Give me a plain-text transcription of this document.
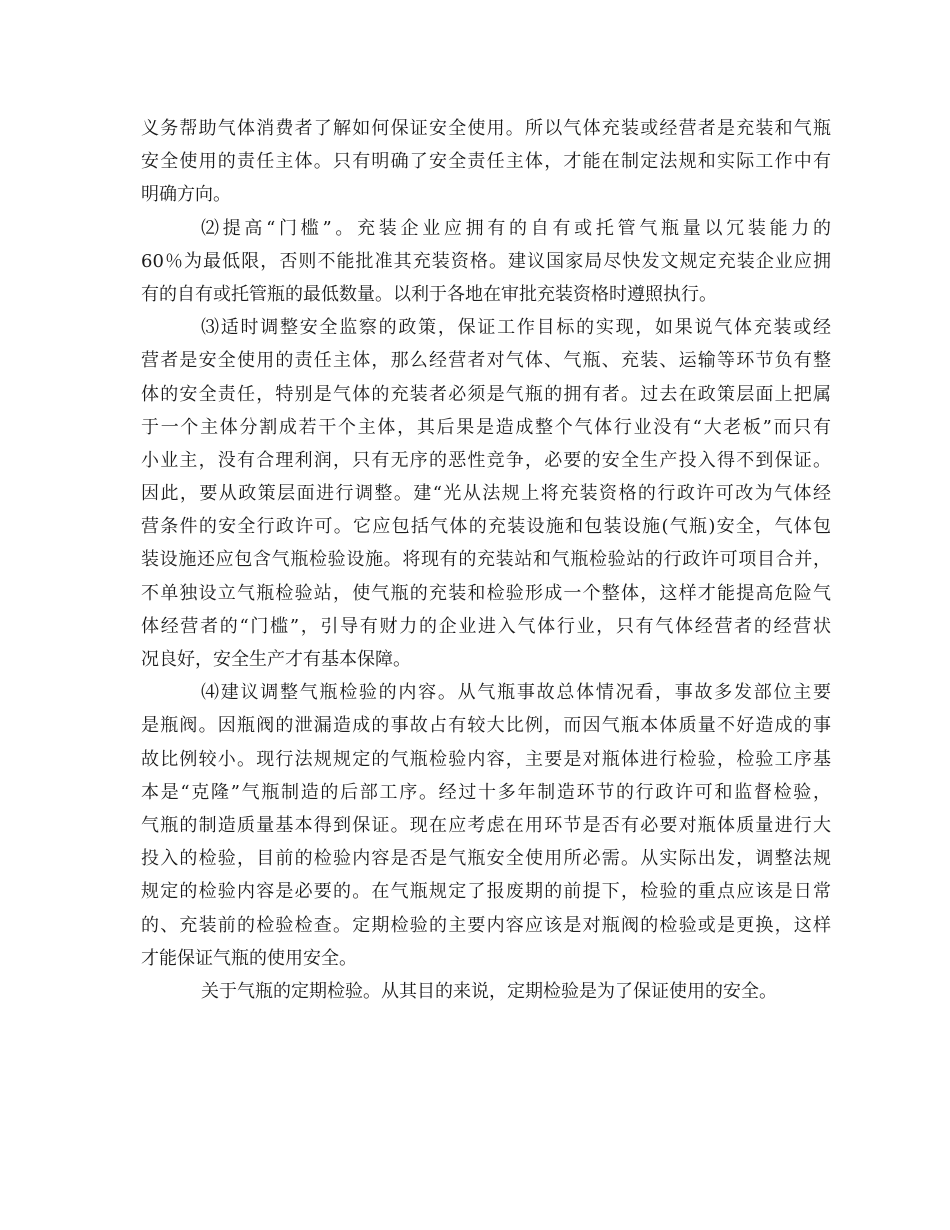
义务帮助气体消费者了解如何保证安全使用。所以气体充装或经营者是充装和气瓶
安全使用的责任主体。只有明确了安全责任主体，才能在制定法规和实际工作中有
明确方向。
⑵提高“门槛”。充装企业应拥有的自有或托管气瓶量以冗装能力的
60％为最低限，否则不能批准其充装资格。建议国家局尽快发文规定充装企业应拥
有的自有或托管瓶的最低数量。以利于各地在审批充装资格时遵照执行。
⑶适时调整安全监察的政策，保证工作目标的实现，如果说气体充装或经
营者是安全使用的责任主体，那么经营者对气体、气瓶、充装、运输等环节负有整
体的安全责任，特别是气体的充装者必须是气瓶的拥有者。过去在政策层面上把属
于一个主体分割成若干个主体，其后果是造成整个气体行业没有“大老板”而只有
小业主，没有合理利润，只有无序的恶性竞争，必要的安全生产投入得不到保证。
因此，要从政策层面进行调整。建“光从法规上将充装资格的行政许可改为气体经
营条件的安全行政许可。它应包括气体的充装设施和包装设施(气瓶)安全，气体包
装设施还应包含气瓶检验设施。将现有的充装站和气瓶检验站的行政许可项目合并，
不单独设立气瓶检验站，使气瓶的充装和检验形成一个整体，这样才能提高危险气
体经营者的“门槛”，引导有财力的企业进入气体行业，只有气体经营者的经营状
况良好，安全生产才有基本保障。
⑷建议调整气瓶检验的内容。从气瓶事故总体情况看，事故多发部位主要
是瓶阀。因瓶阀的泄漏造成的事故占有较大比例，而因气瓶本体质量不好造成的事
故比例较小。现行法规规定的气瓶检验内容，主要是对瓶体进行检验，检验工序基
本是“克隆”气瓶制造的后部工序。经过十多年制造环节的行政许可和监督检验，
气瓶的制造质量基本得到保证。现在应考虑在用环节是否有必要对瓶体质量进行大
投入的检验，目前的检验内容是否是气瓶安全使用所必需。从实际出发，调整法规
规定的检验内容是必要的。在气瓶规定了报废期的前提下，检验的重点应该是日常
的、充装前的检验检查。定期检验的主要内容应该是对瓶阀的检验或是更换，这样
才能保证气瓶的使用安全。
关于气瓶的定期检验。从其目的来说，定期检验是为了保证使用的安全。
